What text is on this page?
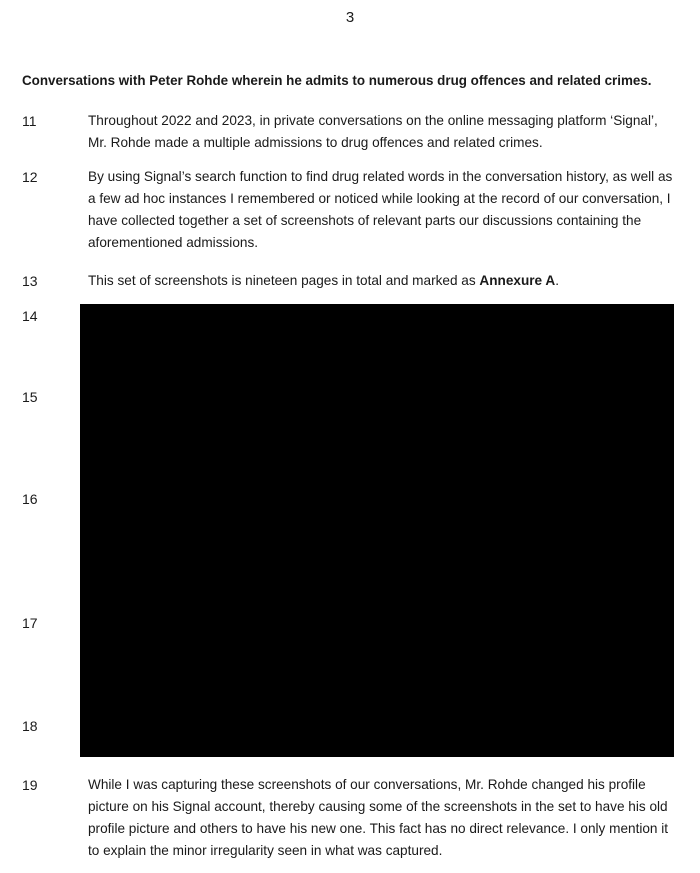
3
Conversations with Peter Rohde wherein he admits to numerous drug offences and related crimes.
11	Throughout 2022 and 2023, in private conversations on the online messaging platform ‘Signal’, Mr. Rohde made a multiple admissions to drug offences and related crimes.
12	By using Signal’s search function to find drug related words in the conversation history, as well as a few ad hoc instances I remembered or noticed while looking at the record of our conversation, I have collected together a set of screenshots of relevant parts our discussions containing the aforementioned admissions.
13	This set of screenshots is nineteen pages in total and marked as Annexure A.
14
15
16
17
18
19	While I was capturing these screenshots of our conversations, Mr. Rohde changed his profile picture on his Signal account, thereby causing some of the screenshots in the set to have his old profile picture and others to have his new one. This fact has no direct relevance. I only mention it to explain the minor irregularity seen in what was captured.
